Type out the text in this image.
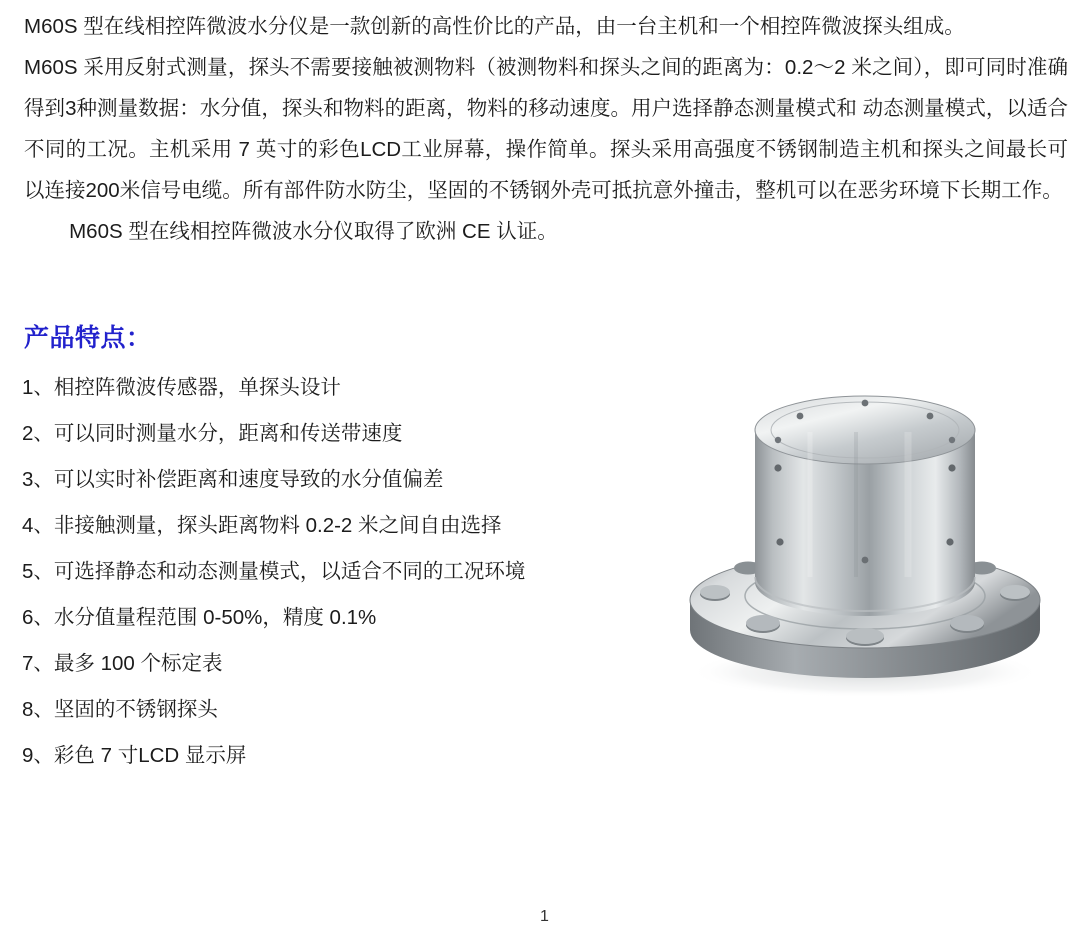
M60S 型在线相控阵微波水分仪是一款创新的高性价比的产品，由一台主机和一个相控阵微波探头组成。

M60S 采用反射式测量，探头不需要接触被测物料（被测物料和探头之间的距离为：0.2～2 米之间），即可同时准确得到3种测量数据：水分值，探头和物料的距离，物料的移动速度。用户选择静态测量模式和 动态测量模式，以适合不同的工况。主机采用 7 英寸的彩色LCD工业屏幕，操作简单。探头采用高强度不锈钢制造主机和探头之间最长可以连接200米信号电缆。所有部件防水防尘，坚固的不锈钢外壳可抵抗意外撞击，整机可以在恶劣环境下长期工作。

M60S 型在线相控阵微波水分仪取得了欧洲 CE 认证。

产品特点：
1、相控阵微波传感器，单探头设计
2、可以同时测量水分，距离和传送带速度
3、可以实时补偿距离和速度导致的水分值偏差
4、非接触测量，探头距离物料 0.2-2 米之间自由选择
5、可选择静态和动态测量模式，以适合不同的工况环境
6、水分值量程范围 0-50%，精度 0.1%
7、最多 100 个标定表
8、坚固的不锈钢探头
9、彩色 7 寸LCD 显示屏
1
